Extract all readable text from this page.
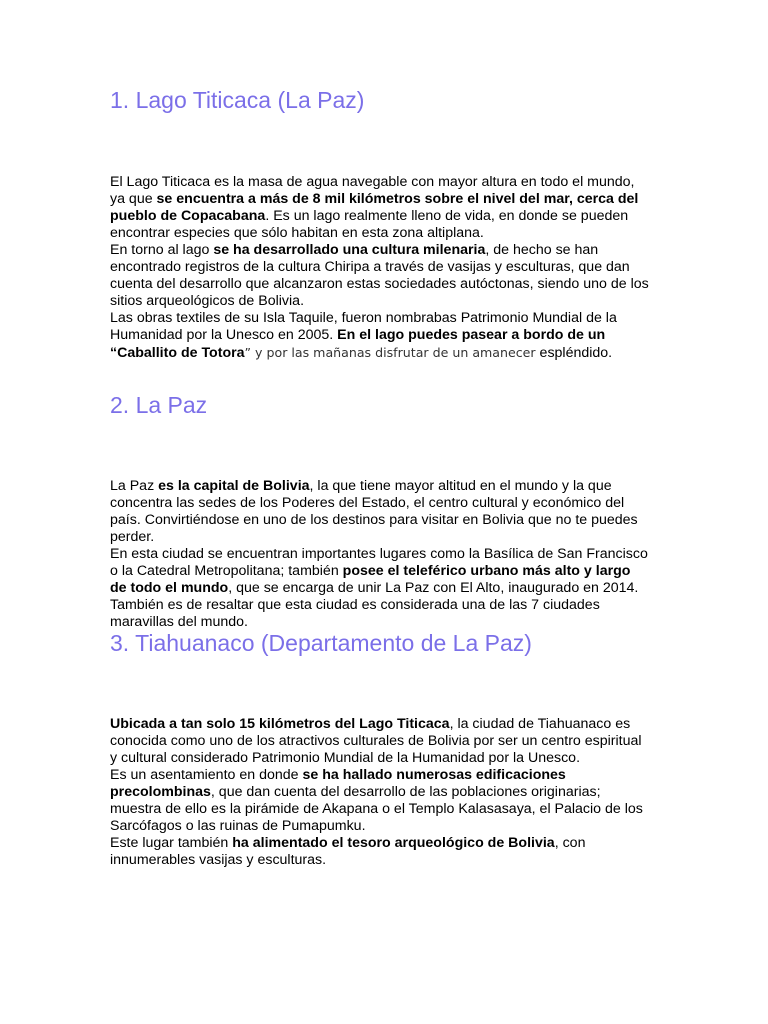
1. Lago Titicaca (La Paz)

El Lago Titicaca es la masa de agua navegable con mayor altura en todo el mundo, ya que se encuentra a más de 8 mil kilómetros sobre el nivel del mar, cerca del pueblo de Copacabana. Es un lago realmente lleno de vida, en donde se pueden encontrar especies que sólo habitan en esta zona altiplana.

En torno al lago se ha desarrollado una cultura milenaria, de hecho se han encontrado registros de la cultura Chiripa a través de vasijas y esculturas, que dan cuenta del desarrollo que alcanzaron estas sociedades autóctonas, siendo uno de los sitios arqueológicos de Bolivia.

Las obras textiles de su Isla Taquile, fueron nombrabas Patrimonio Mundial de la Humanidad por la Unesco en 2005. En el lago puedes pasear a bordo de un “Caballito de Totora” y por las mañanas disfrutar de un amanecer espléndido.

2. La Paz

La Paz es la capital de Bolivia, la que tiene mayor altitud en el mundo y la que concentra las sedes de los Poderes del Estado, el centro cultural y económico del país. Convirtiéndose en uno de los destinos para visitar en Bolivia que no te puedes perder.

En esta ciudad se encuentran importantes lugares como la Basílica de San Francisco o la Catedral Metropolitana; también posee el teleférico urbano más alto y largo de todo el mundo, que se encarga de unir La Paz con El Alto, inaugurado en 2014. También es de resaltar que esta ciudad es considerada una de las 7 ciudades maravillas del mundo.

3. Tiahuanaco (Departamento de La Paz)

Ubicada a tan solo 15 kilómetros del Lago Titicaca, la ciudad de Tiahuanaco es conocida como uno de los atractivos culturales de Bolivia por ser un centro espiritual y cultural considerado Patrimonio Mundial de la Humanidad por la Unesco.

Es un asentamiento en donde se ha hallado numerosas edificaciones precolombinas, que dan cuenta del desarrollo de las poblaciones originarias; muestra de ello es la pirámide de Akapana o el Templo Kalasasaya, el Palacio de los Sarcófagos o las ruinas de Pumapumku.

Este lugar también ha alimentado el tesoro arqueológico de Bolivia, con innumerables vasijas y esculturas.
